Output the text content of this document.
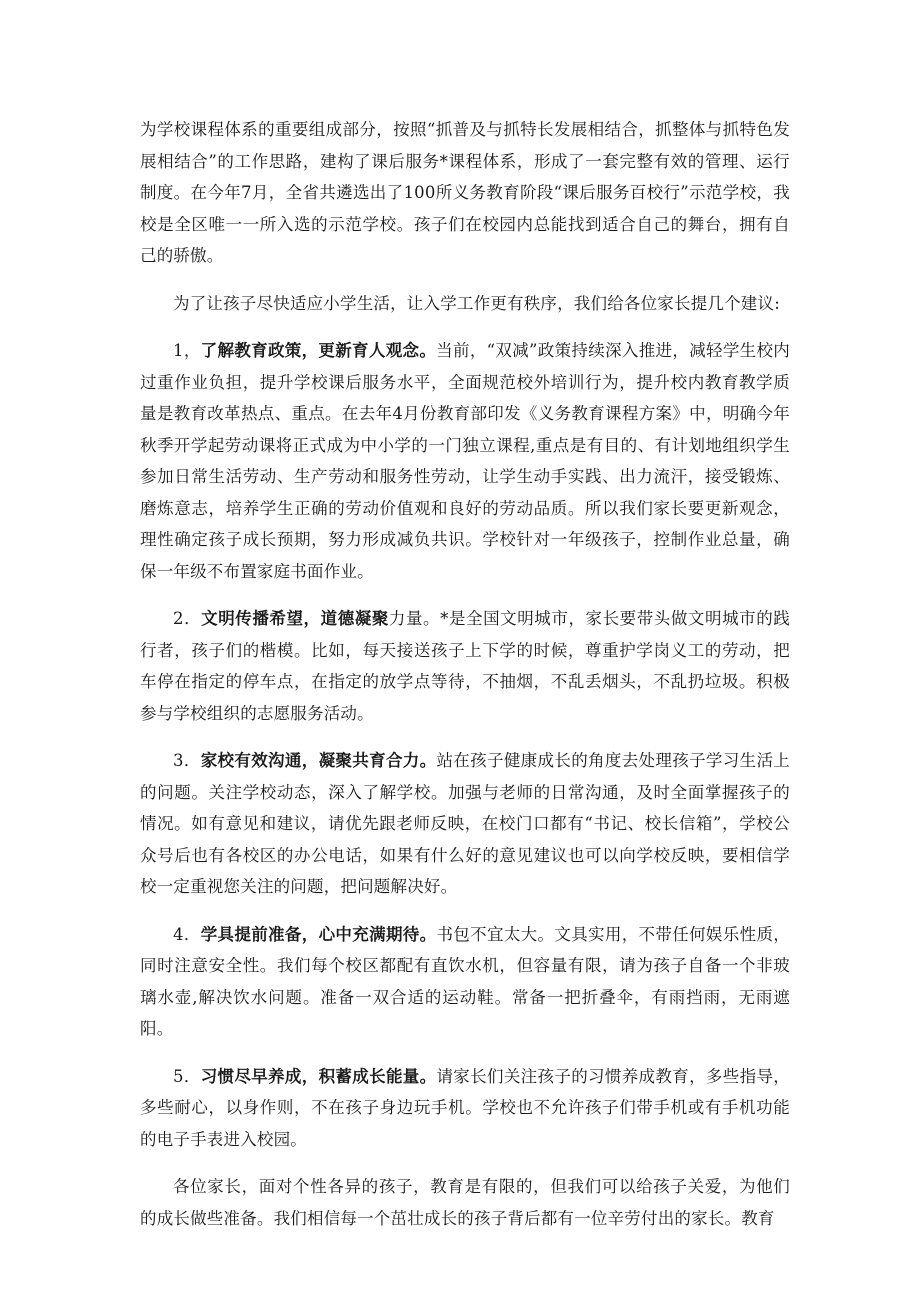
为学校课程体系的重要组成部分，按照“抓普及与抓特长发展相结合，抓整体与抓特色发展相结合”的工作思路，建构了课后服务*课程体系，形成了一套完整有效的管理、运行制度。在今年7月，全省共遴选出了100所义务教育阶段“课后服务百校行”示范学校，我校是全区唯一一所入选的示范学校。孩子们在校园内总能找到适合自己的舞台，拥有自己的骄傲。

为了让孩子尽快适应小学生活，让入学工作更有秩序，我们给各位家长提几个建议:

1，了解教育政策，更新育人观念。当前，“双减”政策持续深入推进，减轻学生校内过重作业负担，提升学校课后服务水平，全面规范校外培训行为，提升校内教育教学质量是教育改革热点、重点。在去年4月份教育部印发《义务教育课程方案》中，明确今年秋季开学起劳动课将正式成为中小学的一门独立课程,重点是有目的、有计划地组织学生参加日常生活劳动、生产劳动和服务性劳动，让学生动手实践、出力流汗，接受锻炼、磨炼意志，培养学生正确的劳动价值观和良好的劳动品质。所以我们家长要更新观念，理性确定孩子成长预期，努力形成减负共识。学校针对一年级孩子，控制作业总量，确保一年级不布置家庭书面作业。

2．文明传播希望，道德凝聚力量。*是全国文明城市，家长要带头做文明城市的践行者，孩子们的楷模。比如，每天接送孩子上下学的时候，尊重护学岗义工的劳动，把车停在指定的停车点，在指定的放学点等待，不抽烟，不乱丢烟头，不乱扔垃圾。积极参与学校组织的志愿服务活动。

3．家校有效沟通，凝聚共育合力。站在孩子健康成长的角度去处理孩子学习生活上的问题。关注学校动态，深入了解学校。加强与老师的日常沟通，及时全面掌握孩子的情况。如有意见和建议，请优先跟老师反映，在校门口都有“书记、校长信箱”，学校公众号后也有各校区的办公电话，如果有什么好的意见建议也可以向学校反映，要相信学校一定重视您关注的问题，把问题解决好。

4．学具提前准备，心中充满期待。书包不宜太大。文具实用，不带任何娱乐性质，同时注意安全性。我们每个校区都配有直饮水机，但容量有限，请为孩子自备一个非玻璃水壶,解决饮水问题。准备一双合适的运动鞋。常备一把折叠伞，有雨挡雨，无雨遮阳。

5．习惯尽早养成，积蓄成长能量。请家长们关注孩子的习惯养成教育，多些指导，多些耐心，以身作则，不在孩子身边玩手机。学校也不允许孩子们带手机或有手机功能的电子手表进入校园。

各位家长，面对个性各异的孩子，教育是有限的，但我们可以给孩子关爱，为他们的成长做些准备。我们相信每一个茁壮成长的孩子背后都有一位辛劳付出的家长。教育
